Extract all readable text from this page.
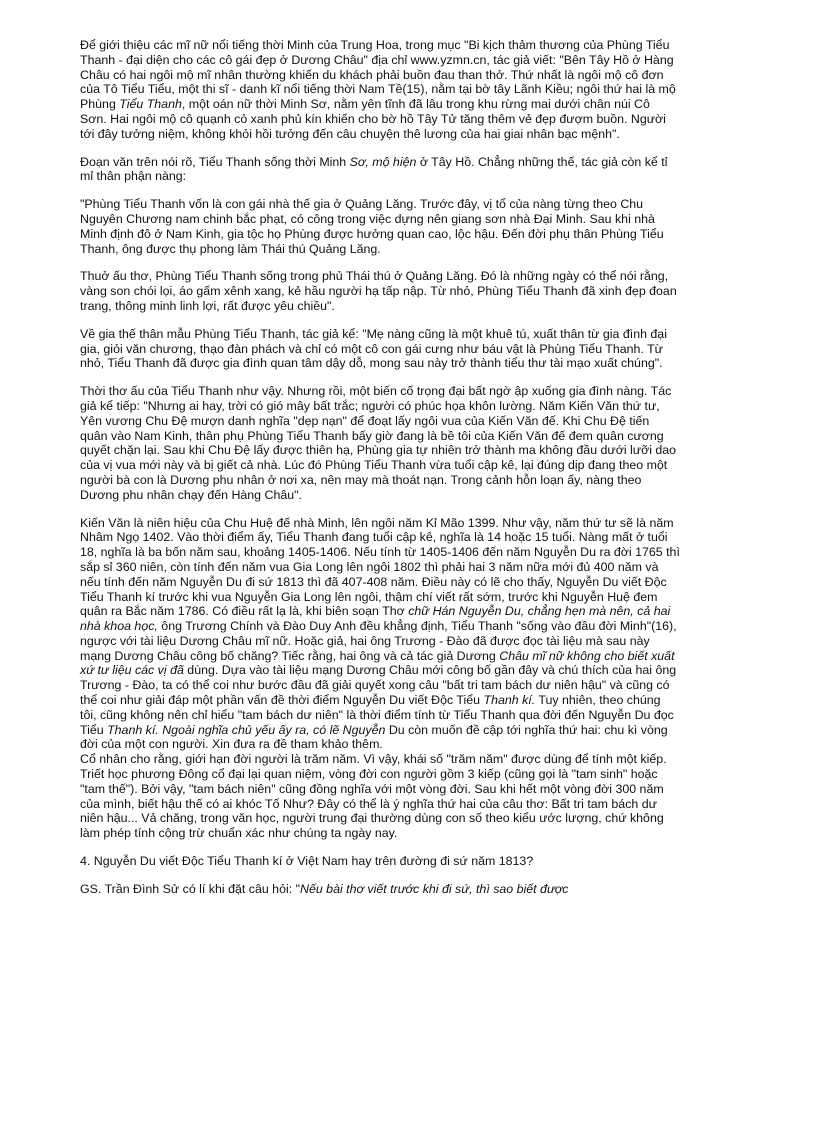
Để giới thiệu các mĩ nữ nổi tiếng thời Minh của Trung Hoa, trong mục "Bi kịch thảm thương của Phùng Tiểu Thanh - đại diện cho các cô gái đẹp ở Dương Châu" địa chỉ www.yzmn.cn, tác giả viết: "Bên Tây Hồ ở Hàng Châu có hai ngôi mộ mĩ nhân thường khiến du khách phải buồn đau than thở. Thứ nhất là ngôi mộ cô đơn của Tô Tiểu Tiểu, một thi sĩ - danh kĩ nổi tiếng thời Nam Tề(15), nằm tại bờ tây Lãnh Kiều; ngôi thứ hai là mộ Phùng Tiểu Thanh, một oán nữ thời Minh Sơ, nằm yên tĩnh đã lâu trong khu rừng mai dưới chân núi Cô Sơn. Hai ngôi mộ cô quạnh cỏ xanh phủ kín khiến cho bờ hồ Tây Tử tăng thêm vẻ đẹp đượm buồn. Người tới đây tưởng niệm, không khỏi hồi tưởng đến câu chuyện thê lương của hai giai nhân bạc mệnh".

Đoạn văn trên nói rõ, Tiểu Thanh sống thời Minh Sơ, mộ hiện ở Tây Hồ. Chẳng những thế, tác giả còn kể tỉ mỉ thân phận nàng:

"Phùng Tiểu Thanh vốn là con gái nhà thế gia ở Quảng Lăng. Trước đây, vị tổ của nàng từng theo Chu Nguyên Chương nam chinh bắc phạt, có công trong việc dựng nên giang sơn nhà Đại Minh. Sau khi nhà Minh định đô ở Nam Kinh, gia tộc họ Phùng được hưởng quan cao, lộc hậu. Đến đời phụ thân Phùng Tiểu Thanh, ông được thụ phong làm Thái thú Quảng Lăng.

Thuở ấu thơ, Phùng Tiểu Thanh sống trong phủ Thái thú ở Quảng Lăng. Đó là những ngày có thể nói rằng, vàng son chói lọi, áo gấm xênh xang, kẻ hầu người hạ tấp nập. Từ nhỏ, Phùng Tiểu Thanh đã xinh đẹp đoan trang, thông minh linh lợi, rất được yêu chiều".

Về gia thế thân mẫu Phùng Tiểu Thanh, tác giả kể: "Mẹ nàng cũng là một khuê tú, xuất thân từ gia đình đại gia, giỏi văn chương, thạo đàn phách và chỉ có một cô con gái cưng như báu vật là Phùng Tiểu Thanh. Từ nhỏ, Tiểu Thanh đã được gia đình quan tâm dậy dỗ, mong sau này trở thành tiểu thư tài mạo xuất chúng".

Thời thơ ấu của Tiểu Thanh như vậy. Nhưng rồi, một biến cố trọng đại bất ngờ ập xuống gia đình nàng. Tác giả kể tiếp: "Nhưng ai hay, trời có gió mây bất trắc; người có phúc họa khôn lường. Năm Kiến Văn thứ tư, Yên vương Chu Đệ mượn danh nghĩa "dẹp nạn" để đoạt lấy ngôi vua của Kiến Văn đế. Khi Chu Đệ tiến quân vào Nam Kinh, thân phụ Phùng Tiểu Thanh bấy giờ đang là bề tôi của Kiến Văn đế đem quân cương quyết chặn lại. Sau khi Chu Đệ lấy được thiên hạ, Phùng gia tự nhiên trở thành ma không đầu dưới lưỡi dao của vị vua mới này và bị giết cả nhà. Lúc đó Phùng Tiểu Thanh vừa tuổi cập kê, lại đúng dịp đang theo một người bà con là Dương phu nhân ở nơi xa, nên may mà thoát nạn. Trong cảnh hỗn loạn ấy, nàng theo Dương phu nhân chạy đến Hàng Châu".

Kiến Văn là niên hiệu của Chu Huệ đế nhà Minh, lên ngôi năm Kỉ Mão 1399. Như vậy, năm thứ tư sẽ là năm Nhâm Ngọ 1402. Vào thời điểm ấy, Tiểu Thanh đang tuổi cập kê, nghĩa là 14 hoặc 15 tuổi. Nàng mất ở tuổi 18, nghĩa là ba bốn năm sau, khoảng 1405-1406. Nếu tính từ 1405-1406 đến năm Nguyễn Du ra đời 1765 thì sắp sỉ 360 niên, còn tính đến năm vua Gia Long lên ngôi 1802 thì phải hai 3 năm nữa mới đủ 400 năm và nếu tính đến năm Nguyễn Du đi sứ 1813 thì đã 407-408 năm. Điều này có lẽ cho thấy, Nguyễn Du viết Độc Tiểu Thanh kí trước khi vua Nguyễn Gia Long lên ngôi, thậm chí viết rất sớm, trước khi Nguyễn Huệ đem quân ra Bắc năm 1786. Có điều rất lạ là, khi biên soạn Thơ chữ Hán Nguyễn Du, chẳng hẹn mà nên, cả hai nhà khoa học, ông Trương Chính và Đào Duy Anh đều khẳng định, Tiểu Thanh "sống vào đầu đời Minh"(16), ngược với tài liệu Dương Châu mĩ nữ. Hoặc giả, hai ông Trương - Đào đã được đọc tài liệu mà sau này mạng Dương Châu công bố chăng? Tiếc rằng, hai ông và cả tác giả Dương Châu mĩ nữ không cho biết xuất xứ tư liệu các vị đã dùng. Dựa vào tài liệu mạng Dương Châu mới công bố gần đây và chú thích của hai ông Trương - Đào, ta có thể coi như bước đầu đã giải quyết xong câu "bất tri tam bách dư niên hậu" và cũng có thể coi như giải đáp một phần vấn đề thời điểm Nguyễn Du viết Độc Tiểu Thanh kí. Tuy nhiên, theo chúng tôi, cũng không nên chỉ hiểu "tam bách dư niên" là thời điểm tính từ Tiểu Thanh qua đời đến Nguyễn Du đọc Tiểu Thanh kí. Ngoài nghĩa chủ yếu ấy ra, có lẽ Nguyễn Du còn muốn đề cập tới nghĩa thứ hai: chu kì vòng đời của một con người. Xin đưa ra đề tham khảo thêm.

Cổ nhân cho rằng, giới hạn đời người là trăm năm. Vì vậy, khái số "trăm năm" được dùng để tính một kiếp. Triết học phương Đông cổ đại lại quan niệm, vòng đời con người gồm 3 kiếp (cũng gọi là "tam sinh" hoặc "tam thế"). Bởi vậy, "tam bách niên" cũng đồng nghĩa với một vòng đời. Sau khi hết một vòng đời 300 năm của mình, biết hậu thế có ai khóc Tố Như? Đây có thể là ý nghĩa thứ hai của câu thơ: Bất tri tam bách dư niên hậu... Vả chăng, trong văn học, người trung đại thường dùng con số theo kiểu ước lượng, chứ không làm phép tính cộng trừ chuẩn xác như chúng ta ngày nay.

4. Nguyễn Du viết Độc Tiểu Thanh kí ở Việt Nam hay trên đường đi sứ năm 1813?

GS. Trần Đình Sử có lí khi đặt câu hỏi: "Nếu bài thơ viết trước khi đi sứ, thì sao biết được
